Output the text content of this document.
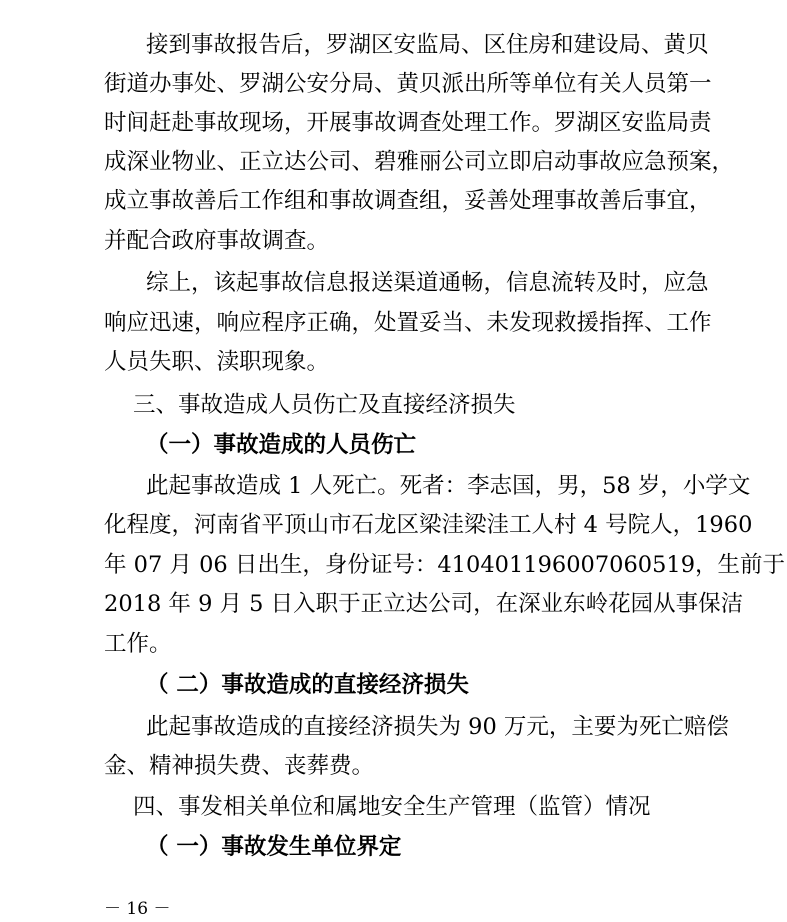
接到事故报告后，罗湖区安监局、区住房和建设局、黄贝
街道办事处、罗湖公安分局、黄贝派出所等单位有关人员第一
时间赶赴事故现场，开展事故调查处理工作。罗湖区安监局责
成深业物业、正立达公司、碧雅丽公司立即启动事故应急预案，
成立事故善后工作组和事故调查组，妥善处理事故善后事宜，
并配合政府事故调查。
综上，该起事故信息报送渠道通畅，信息流转及时，应急
响应迅速，响应程序正确，处置妥当、未发现救援指挥、工作
人员失职、渎职现象。
三、事故造成人员伤亡及直接经济损失
（一）事故造成的人员伤亡
此起事故造成 1 人死亡。死者：李志国，男，58 岁，小学文
化程度，河南省平顶山市石龙区梁洼梁洼工人村 4 号院人，1960
年 07 月 06 日出生，身份证号：410401196007060519，生前于
2018 年 9 月 5 日入职于正立达公司，在深业东岭花园从事保洁
工作。
（ 二）事故造成的直接经济损失
此起事故造成的直接经济损失为 90 万元，主要为死亡赔偿
金、精神损失费、丧葬费。
四、事发相关单位和属地安全生产管理（监管）情况
（ 一）事故发生单位界定
－ 16 －
